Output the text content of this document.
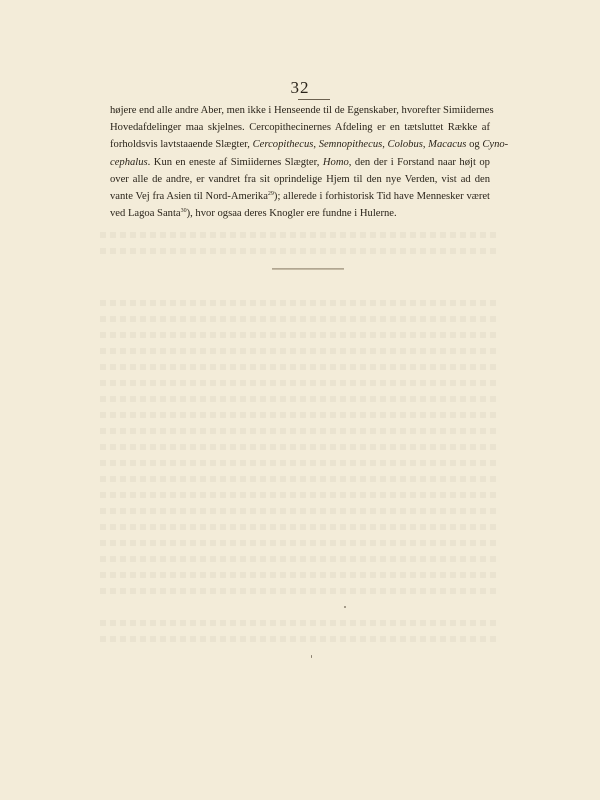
32
højere end alle andre Aber, men ikke i Henseende til de Egenskaber, hvorefter Simiidernes
Hovedafdelinger maa skjelnes. Cercopithecinernes Afdeling er en tætsluttet Række af
forholdsvis lavtstaaende Slægter, Cercopithecus, Semnopithecus, Colobus, Macacus og Cyno-
cephalus. Kun en eneste af Simiidernes Slægter, Homo, den der i Forstand naar højt op
over alle de andre, er vandret fra sit oprindelige Hjem til den nye Verden, vist ad den
vante Vej fra Asien til Nord-Amerika$^{29}$); allerede i forhistorisk Tid have Mennesker været
ved Lagoa Santa$^{30}$), hvor ogsaa deres Knogler ere fundne i Hulerne.
